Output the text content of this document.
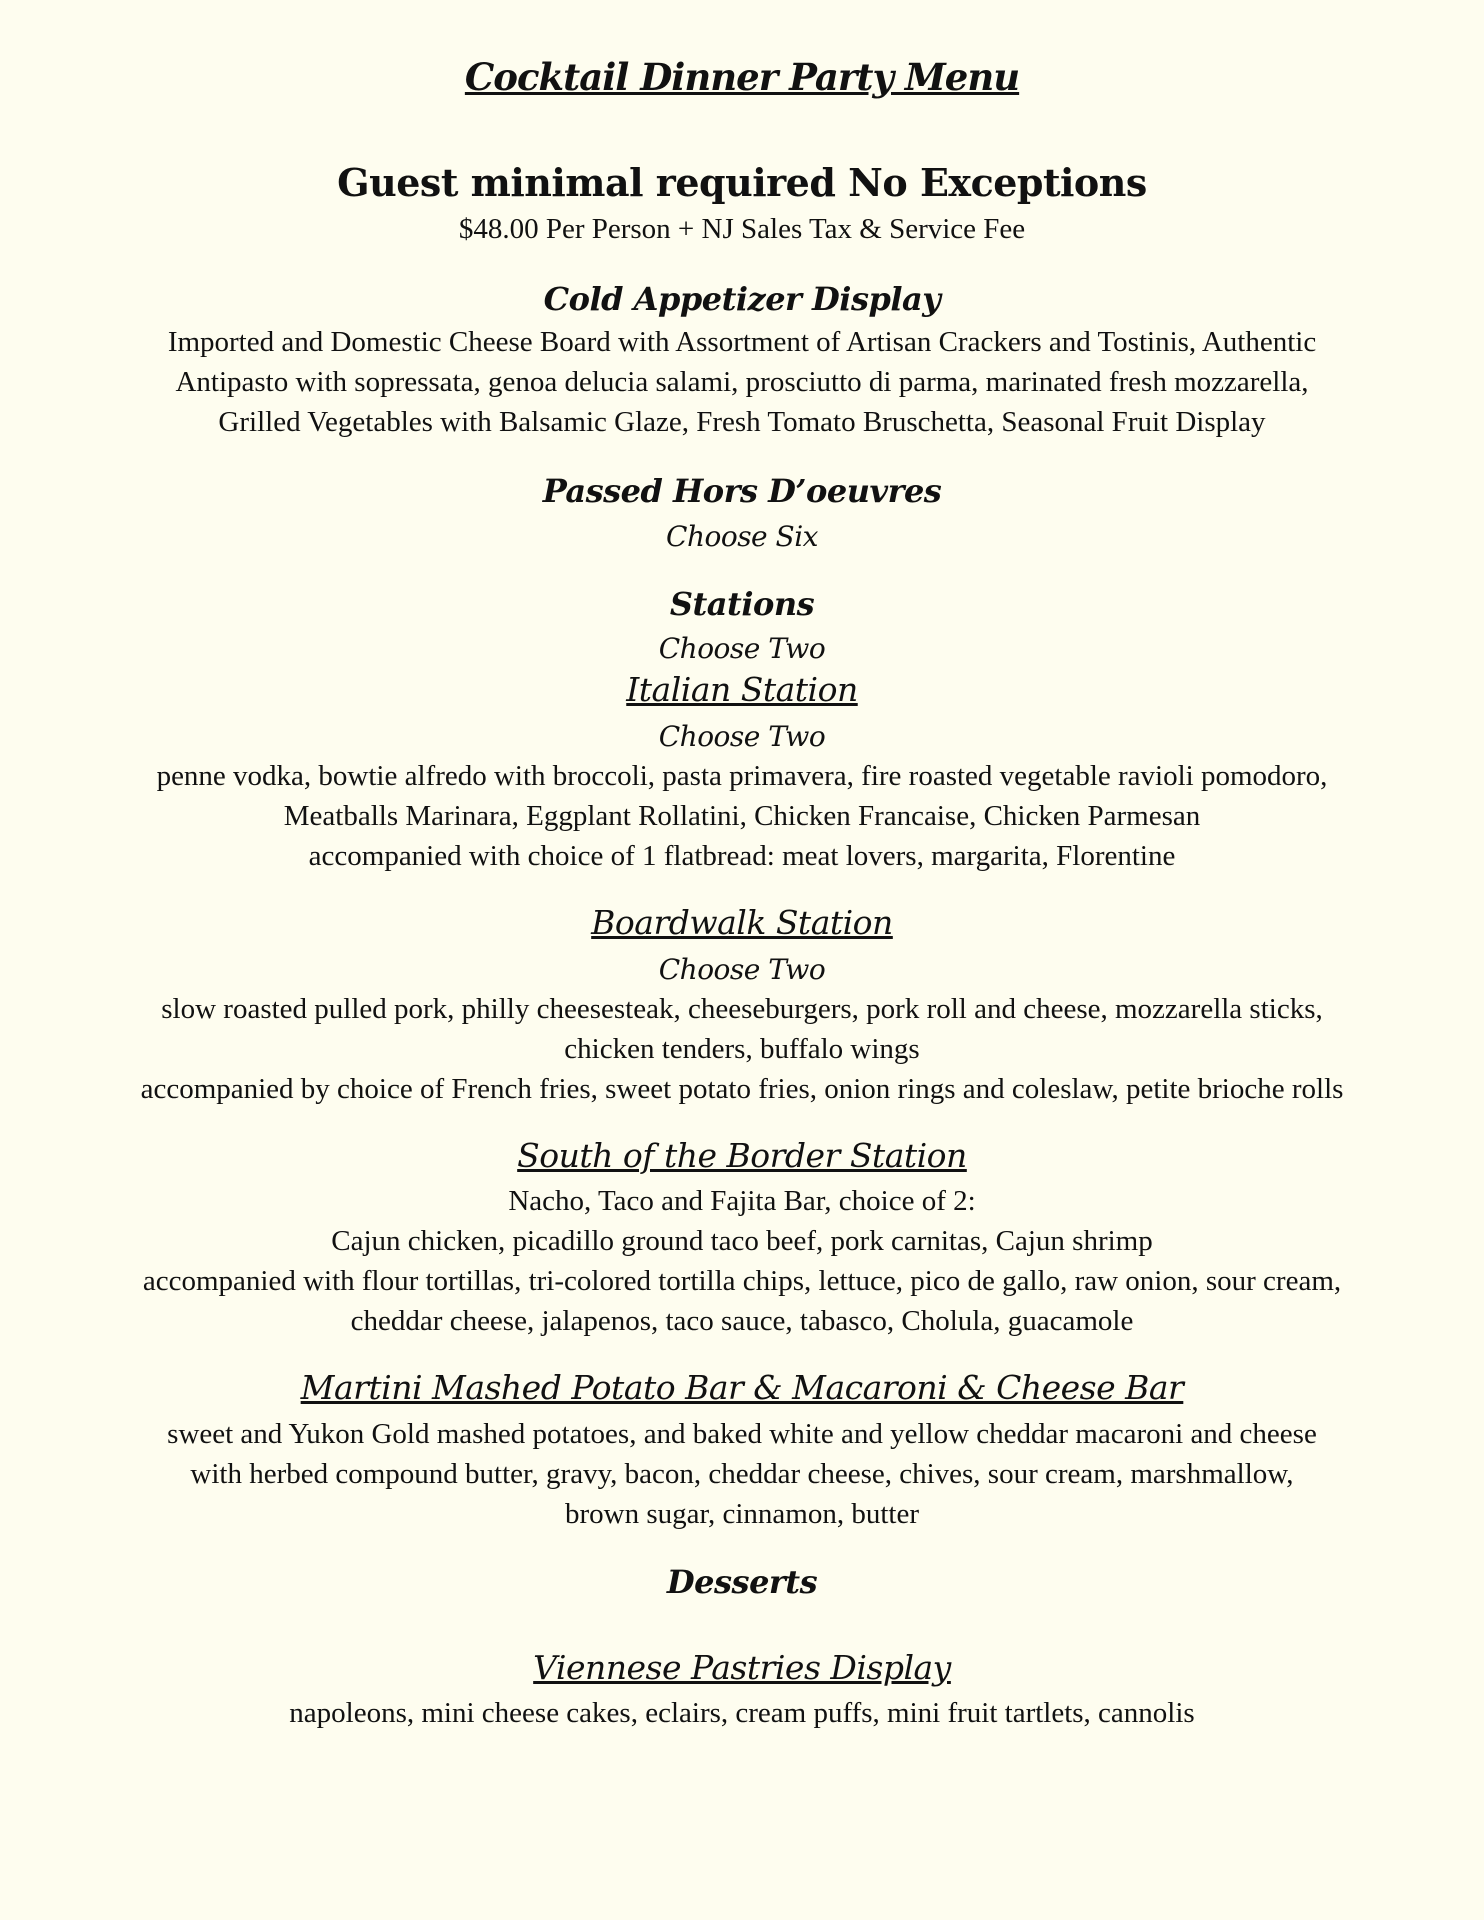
Cocktail Dinner Party Menu
Guest minimal required No Exceptions
$48.00 Per Person + NJ Sales Tax & Service Fee
Cold Appetizer Display
Imported and Domestic Cheese Board with Assortment of Artisan Crackers and Tostinis, Authentic
Antipasto with sopressata, genoa delucia salami, prosciutto di parma, marinated fresh mozzarella,
Grilled Vegetables with Balsamic Glaze, Fresh Tomato Bruschetta, Seasonal Fruit Display
Passed Hors D’oeuvres
Choose Six
Stations
Choose Two
Italian Station
Choose Two
penne vodka, bowtie alfredo with broccoli, pasta primavera, fire roasted vegetable ravioli pomodoro,
Meatballs Marinara, Eggplant Rollatini, Chicken Francaise, Chicken Parmesan
accompanied with choice of 1 flatbread: meat lovers, margarita, Florentine
Boardwalk Station
Choose Two
slow roasted pulled pork, philly cheesesteak, cheeseburgers, pork roll and cheese, mozzarella sticks,
chicken tenders, buffalo wings
accompanied by choice of French fries, sweet potato fries, onion rings and coleslaw, petite brioche rolls
South of the Border Station
Nacho, Taco and Fajita Bar, choice of 2:
Cajun chicken, picadillo ground taco beef, pork carnitas, Cajun shrimp
accompanied with flour tortillas, tri-colored tortilla chips, lettuce, pico de gallo, raw onion, sour cream,
cheddar cheese, jalapenos, taco sauce, tabasco, Cholula, guacamole
Martini Mashed Potato Bar & Macaroni & Cheese Bar
sweet and Yukon Gold mashed potatoes, and baked white and yellow cheddar macaroni and cheese
with herbed compound butter, gravy, bacon, cheddar cheese, chives, sour cream, marshmallow,
brown sugar, cinnamon, butter
Desserts
Viennese Pastries Display
napoleons, mini cheese cakes, eclairs, cream puffs, mini fruit tartlets, cannolis
